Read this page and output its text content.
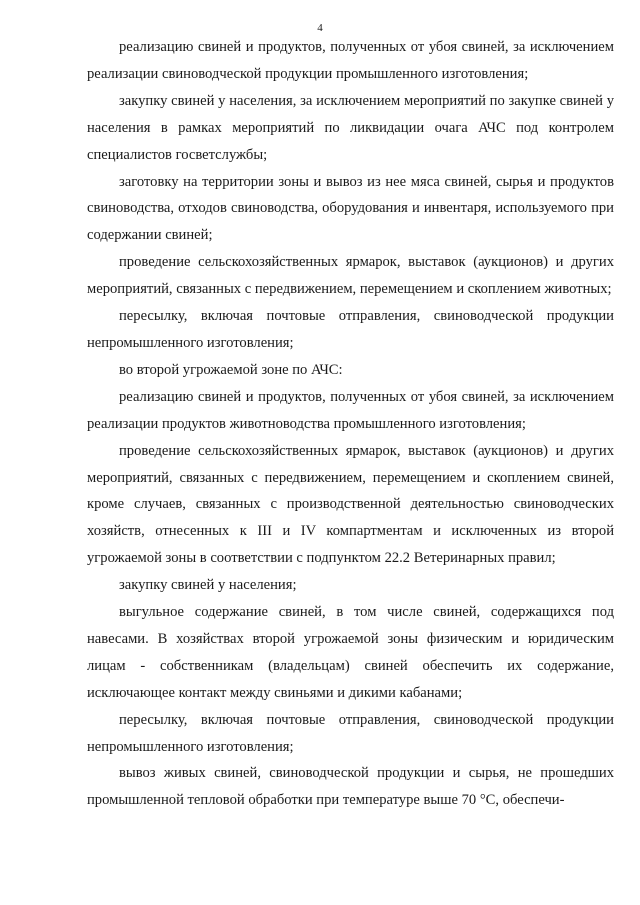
4

реализацию свиней и продуктов, полученных от убоя свиней, за исключением реализации свиноводческой продукции промышленного изготовления;

закупку свиней у населения, за исключением мероприятий по закупке свиней у населения в рамках мероприятий по ликвидации очага АЧС под контролем специалистов госветслужбы;

заготовку на территории зоны и вывоз из нее мяса свиней, сырья и продуктов свиноводства, отходов свиноводства, оборудования и инвентаря, используемого при содержании свиней;

проведение сельскохозяйственных ярмарок, выставок (аукционов) и других мероприятий, связанных с передвижением, перемещением и скоплением животных;

пересылку, включая почтовые отправления, свиноводческой продукции непромышленного изготовления;

во второй угрожаемой зоне по АЧС:

реализацию свиней и продуктов, полученных от убоя свиней, за исключением реализации продуктов животноводства промышленного изготовления;

проведение сельскохозяйственных ярмарок, выставок (аукционов) и других мероприятий, связанных с передвижением, перемещением и скоплением свиней, кроме случаев, связанных с производственной деятельностью свиноводческих хозяйств, отнесенных к III и IV компартментам и исключенных из второй угрожаемой зоны в соответствии с подпунктом 22.2 Ветеринарных правил;

закупку свиней у населения;

выгульное содержание свиней, в том числе свиней, содержащихся под навесами. В хозяйствах второй угрожаемой зоны физическим и юридическим лицам - собственникам (владельцам) свиней обеспечить их содержание, исключающее контакт между свиньями и дикими кабанами;

пересылку, включая почтовые отправления, свиноводческой продукции непромышленного изготовления;

вывоз живых свиней, свиноводческой продукции и сырья, не прошедших промышленной тепловой обработки при температуре выше 70 °С, обеспечи-
